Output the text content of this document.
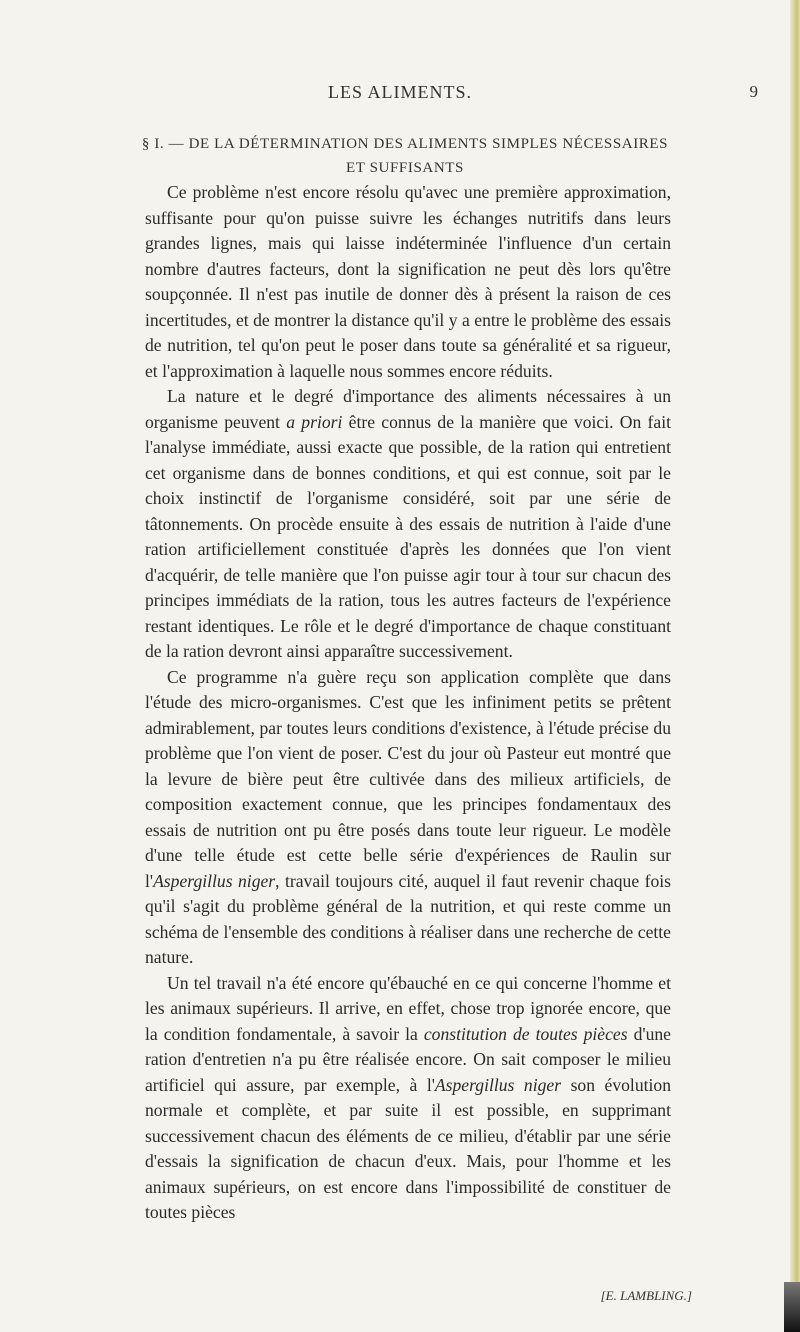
LES ALIMENTS.	9
§ I. — DE LA DÉTERMINATION DES ALIMENTS SIMPLES NÉCESSAIRES
ET SUFFISANTS

Ce problème n'est encore résolu qu'avec une première approximation, suffisante pour qu'on puisse suivre les échanges nutritifs dans leurs grandes lignes, mais qui laisse indéterminée l'influence d'un certain nombre d'autres facteurs, dont la signification ne peut dès lors qu'être soupçonnée. Il n'est pas inutile de donner dès à présent la raison de ces incertitudes, et de montrer la distance qu'il y a entre le problème des essais de nutrition, tel qu'on peut le poser dans toute sa généralité et sa rigueur, et l'approximation à laquelle nous sommes encore réduits.

La nature et le degré d'importance des aliments nécessaires à un organisme peuvent a priori être connus de la manière que voici. On fait l'analyse immédiate, aussi exacte que possible, de la ration qui entretient cet organisme dans de bonnes conditions, et qui est connue, soit par le choix instinctif de l'organisme considéré, soit par une série de tâtonnements. On procède ensuite à des essais de nutrition à l'aide d'une ration artificiellement constituée d'après les données que l'on vient d'acquérir, de telle manière que l'on puisse agir tour à tour sur chacun des principes immédiats de la ration, tous les autres facteurs de l'expérience restant identiques. Le rôle et le degré d'importance de chaque constituant de la ration devront ainsi apparaître successivement.

Ce programme n'a guère reçu son application complète que dans l'étude des micro-organismes. C'est que les infiniment petits se prêtent admirablement, par toutes leurs conditions d'existence, à l'étude précise du problème que l'on vient de poser. C'est du jour où Pasteur eut montré que la levure de bière peut être cultivée dans des milieux artificiels, de composition exactement connue, que les principes fondamentaux des essais de nutrition ont pu être posés dans toute leur rigueur. Le modèle d'une telle étude est cette belle série d'expériences de Raulin sur l'Aspergillus niger, travail toujours cité, auquel il faut revenir chaque fois qu'il s'agit du problème général de la nutrition, et qui reste comme un schéma de l'ensemble des conditions à réaliser dans une recherche de cette nature.

Un tel travail n'a été encore qu'ébauché en ce qui concerne l'homme et les animaux supérieurs. Il arrive, en effet, chose trop ignorée encore, que la condition fondamentale, à savoir la constitution de toutes pièces d'une ration d'entretien n'a pu être réalisée encore. On sait composer le milieu artificiel qui assure, par exemple, à l'Aspergillus niger son évolution normale et complète, et par suite il est possible, en supprimant successivement chacun des éléments de ce milieu, d'établir par une série d'essais la signification de chacun d'eux. Mais, pour l'homme et les animaux supérieurs, on est encore dans l'impossibilité de constituer de toutes pièces

[E. LAMBLING.]
